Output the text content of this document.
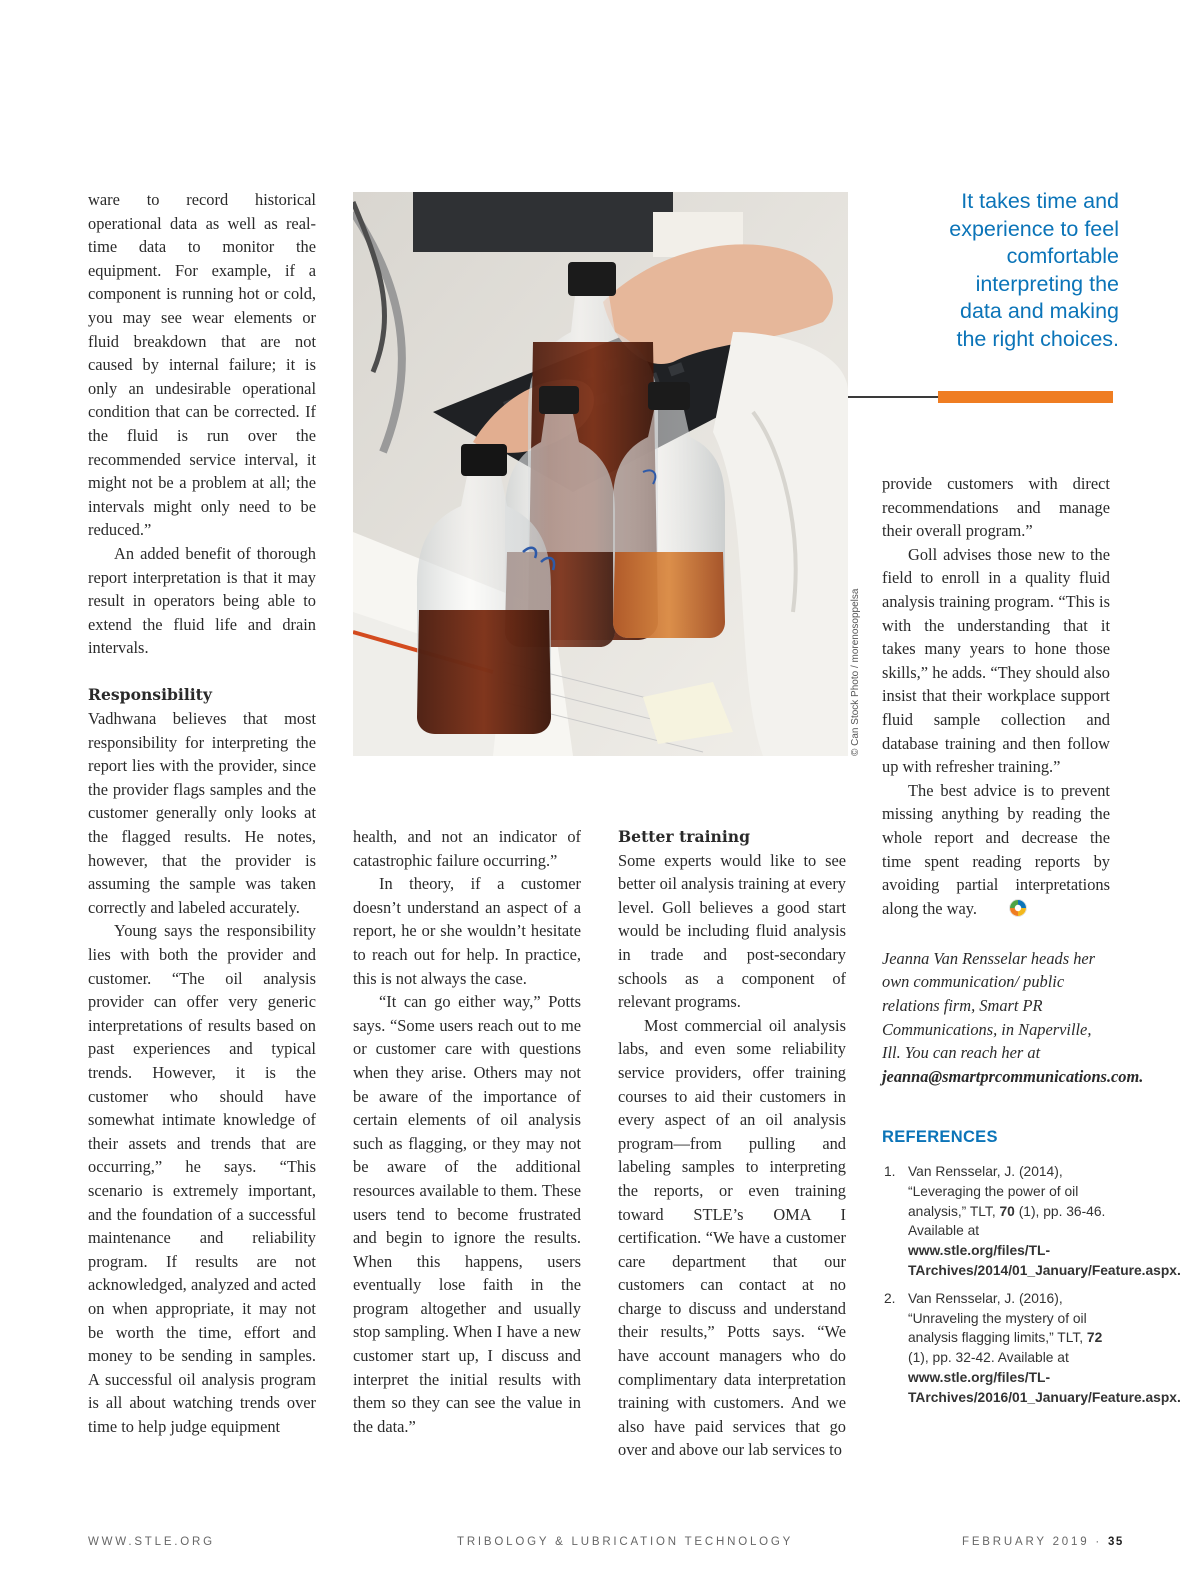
ware to record historical operational data as well as real-time data to monitor the equipment. For example, if a component is running hot or cold, you may see wear elements or fluid breakdown that are not caused by internal failure; it is only an undesirable operational condition that can be corrected. If the fluid is run over the recommended service interval, it might not be a problem at all; the intervals might only need to be reduced.”

An added benefit of thorough report interpretation is that it may result in operators being able to extend the fluid life and drain intervals.

Responsibility

Vadhwana believes that most responsibility for interpreting the report lies with the provider, since the provider flags samples and the customer generally only looks at the flagged results. He notes, however, that the provider is assuming the sample was taken correctly and labeled accurately.

Young says the responsibility lies with both the provider and customer. “The oil analysis provider can offer very generic interpretations of results based on past experiences and typical trends. However, it is the customer who should have somewhat intimate knowledge of their assets and trends that are occurring,” he says. “This scenario is extremely important, and the foundation of a successful maintenance and reliability program. If results are not acknowledged, analyzed and acted on when appropriate, it may not be worth the time, effort and money to be sending in samples. A successful oil analysis program is all about watching trends over time to help judge equipment

© Can Stock Photo / morenosoppelsa
It takes time and experience to feel comfortable interpreting the data and making the right choices.

health, and not an indicator of catastrophic failure occurring.”

In theory, if a customer doesn’t understand an aspect of a report, he or she wouldn’t hesitate to reach out for help. In practice, this is not always the case.

“It can go either way,” Potts says. “Some users reach out to me or customer care with questions when they arise. Others may not be aware of the importance of certain elements of oil analysis such as flagging, or they may not be aware of the additional resources available to them. These users tend to become frustrated and begin to ignore the results. When this happens, users eventually lose faith in the program altogether and usually stop sampling. When I have a new customer start up, I discuss and interpret the initial results with them so they can see the value in the data.”

Better training

Some experts would like to see better oil analysis training at every level. Goll believes a good start would be including fluid analysis in trade and post-secondary schools as a component of relevant programs.

Most commercial oil analysis labs, and even some reliability service providers, offer training courses to aid their customers in every aspect of an oil analysis program—from pulling and labeling samples to interpreting the reports, or even training toward STLE’s OMA I certification. “We have a customer care department that our customers can contact at no charge to discuss and understand their results,” Potts says. “We have account managers who do complimentary data interpretation training with customers. And we also have paid services that go over and above our lab services to

provide customers with direct recommendations and manage their overall program.”

Goll advises those new to the field to enroll in a quality fluid analysis training program. “This is with the understanding that it takes many years to hone those skills,” he adds. “They should also insist that their workplace support fluid sample collection and database training and then follow up with refresher training.”

The best advice is to prevent missing anything by reading the whole report and decrease the time spent reading reports by avoiding partial interpretations along the way.

Jeanna Van Rensselar heads her own communication/ public relations firm, Smart PR Communications, in Naperville, Ill. You can reach her at jeanna@smartprcommunications.com.

REFERENCES
1. Van Rensselar, J. (2014), “Leveraging the power of oil analysis,” TLT, 70 (1), pp. 36-46. Available at www.stle.org/files/TL-TArchives/2014/01_January/Feature.aspx.
2. Van Rensselar, J. (2016), “Unraveling the mystery of oil analysis flagging limits,” TLT, 72 (1), pp. 32-42. Available at www.stle.org/files/TL-TArchives/2016/01_January/Feature.aspx.
WWW.STLE.ORG	TRIBOLOGY & LUBRICATION TECHNOLOGY	FEBRUARY 2019 · 35
